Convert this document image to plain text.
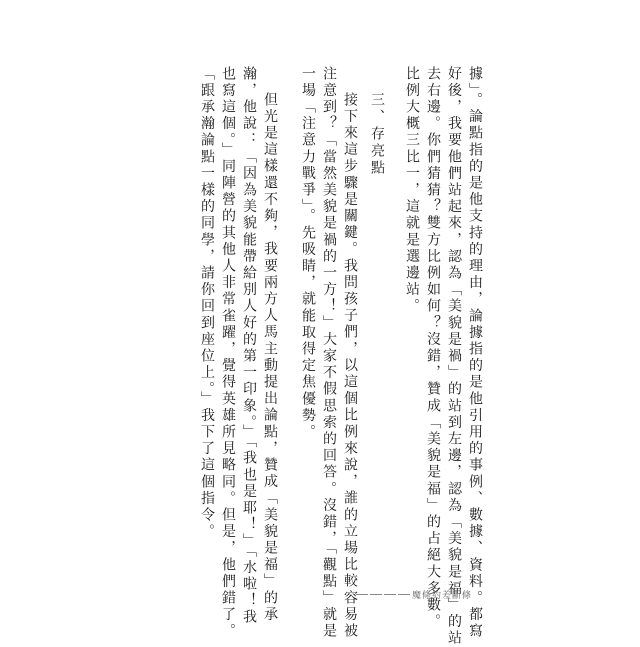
據」。論點指的是他支持的理由，論據指的是他引用的事例、數據、資料。都寫
好後，我要他們站起來，認為「美貌是禍」的站到左邊，認為「美貌是福」的站
去右邊。你們猜猜？雙方比例如何？沒錯，贊成「美貌是福」的占絕大多數。
比例大概三比一，這就是選邊站。
三、存亮點
接下來這步驟是關鍵。我問孩子們，以這個比例來說，誰的立場比較容易被
注意到？「當然美貌是禍的一方！」大家不假思索的回答。沒錯，「觀點」就是
一場「注意力戰爭」。先吸睛，就能取得定焦優勢。
但光是這樣還不夠，我要兩方人馬主動提出論點，贊成「美貌是福」的承
瀚，他說：「因為美貌能帶給別人好的第一印象。」「我也是耶！」「水啦！我
也寫這個。」同陣營的其他人非常雀躍，覺得英雄所見略同。但是，他們錯了。
「跟承瀚論點一樣的同學，請你回到座位上。」我下了這個指令。
魔條約差斷條
